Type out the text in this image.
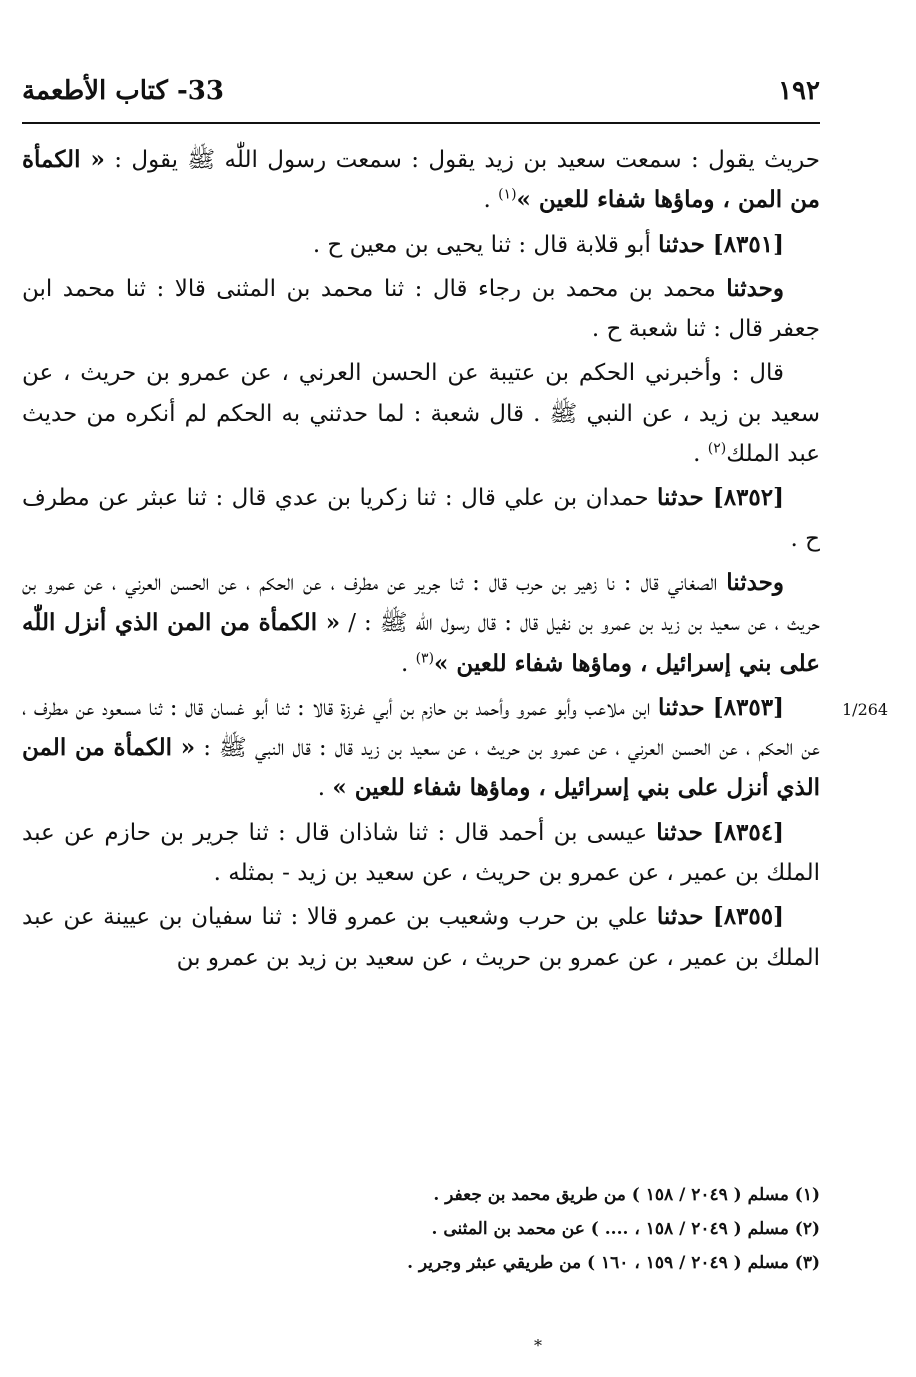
١٩٢
33- كتاب الأطعمة

حريث يقول : سمعت سعيد بن زيد يقول : سمعت رسول اللّٰه ﷺ يقول : « الكمأة من المن ، وماؤها شفاء للعين »$^{(١)}$ .

[٨٣٥١] حدثنا أبو قلابة قال : ثنا يحيى بن معين ح .

وحدثنا محمد بن محمد بن رجاء قال : ثنا محمد بن المثنى قالا : ثنا محمد ابن جعفر قال : ثنا شعبة ح .

قال : وأخبرني الحكم بن عتيبة عن الحسن العرني ، عن عمرو بن حريث ، عن سعيد بن زيد ، عن النبي ﷺ . قال شعبة : لما حدثني به الحكم لم أنكره من حديث عبد الملك$^{(٢)}$ .

[٨٣٥٢] حدثنا حمدان بن علي قال : ثنا زكريا بن عدي قال : ثنا عبثر عن مطرف ح .

وحدثنا الصغاني قال : نا زهير بن حرب قال : ثنا جرير عن مطرف ، عن الحكم ، عن الحسن العرني ، عن عمرو بن حريث ، عن سعيد بن زيد بن عمرو بن نفيل قال : قال رسول اللّٰه ﷺ : / « الكمأة من المن الذي أنزل اللّٰه على بني إسرائيل ، وماؤها شفاء للعين »$^{(٣)}$ .

[٨٣٥٣] حدثنا ابن ملاعب وأبو عمرو وأحمد بن حازم بن أبي غرزة قالا : ثنا أبو غسان قال : ثنا مسعود عن مطرف ، عن الحكم ، عن الحسن العرني ، عن عمرو بن حريث ، عن سعيد بن زيد قال : قال النبي ﷺ : « الكمأة من المن الذي أنزل على بني إسرائيل ، وماؤها شفاء للعين » .

[٨٣٥٤] حدثنا عيسى بن أحمد قال : ثنا شاذان قال : ثنا جرير بن حازم عن عبد الملك بن عمير ، عن عمرو بن حريث ، عن سعيد بن زيد - بمثله .

[٨٣٥٥] حدثنا علي بن حرب وشعيب بن عمرو قالا : ثنا سفيان بن عيينة عن عبد الملك بن عمير ، عن عمرو بن حريث ، عن سعيد بن زيد بن عمرو بن

1/264

(١) مسلم ( ٢٠٤٩ / ١٥٨ ) من طريق محمد بن جعفر .

(٢) مسلم ( ٢٠٤٩ / ١٥٨ ، .... ) عن محمد بن المثنى .

(٣) مسلم ( ٢٠٤٩ / ١٥٩ ، ١٦٠ ) من طريقي عبثر وجرير .

*
